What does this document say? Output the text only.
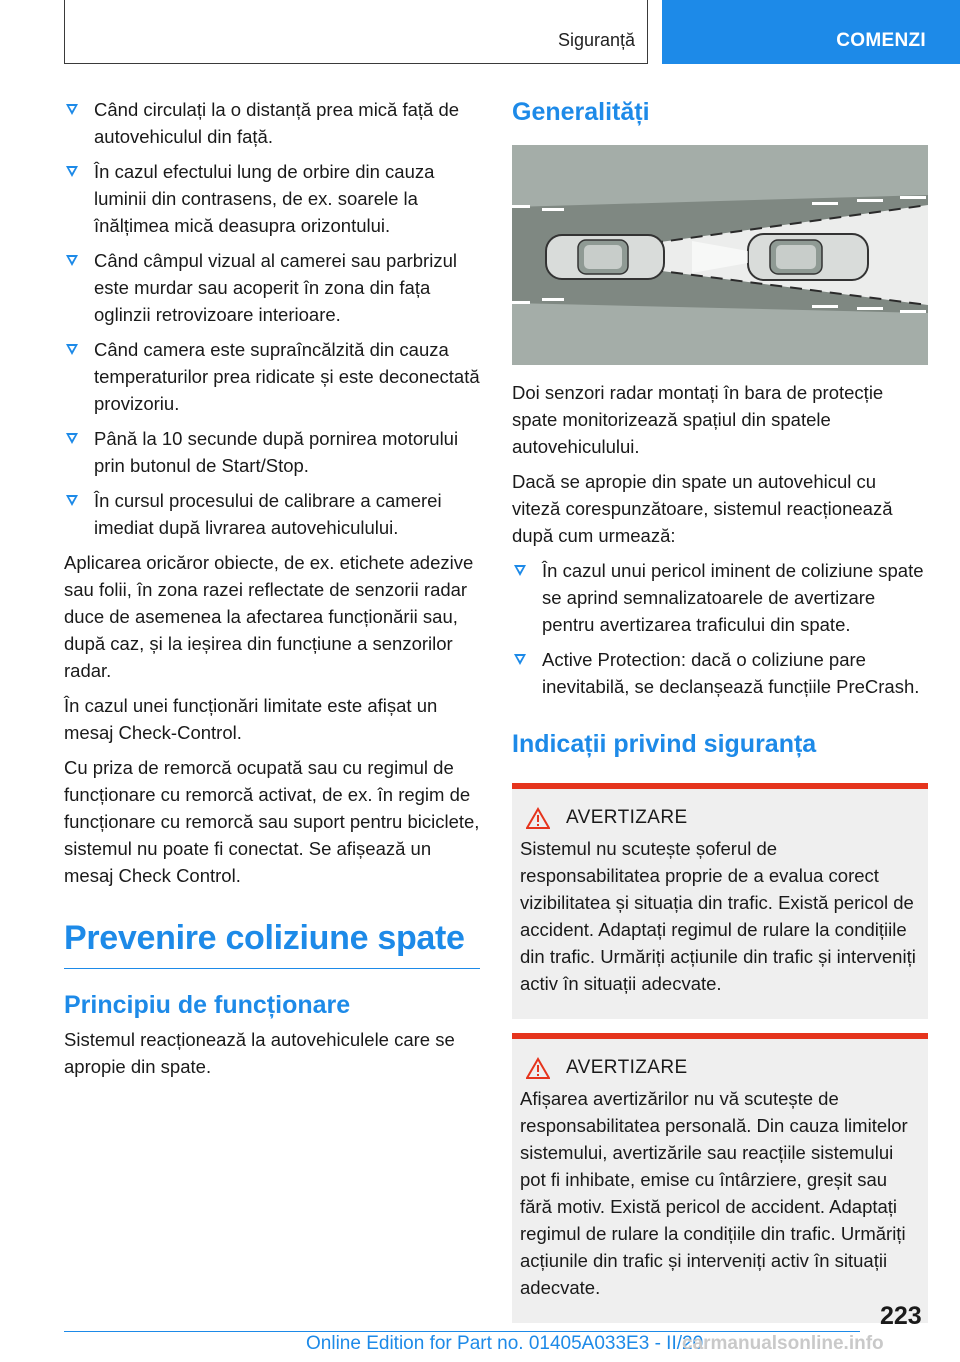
Siguranță	COMENZI
Când circulați la o distanță prea mică față de autovehiculul din față.
În cazul efectului lung de orbire din cauza luminii din contrasens, de ex. soarele la înălțimea mică deasupra orizontului.
Când câmpul vizual al camerei sau parbrizul este murdar sau acoperit în zona din fața oglinzii retrovizoare interioare.
Când camera este supraîncălzită din cauza temperaturilor prea ridicate și este deconectată provizoriu.
Până la 10 secunde după pornirea motorului prin butonul de Start/Stop.
În cursul procesului de calibrare a camerei imediat după livrarea autovehiculului.

Aplicarea oricăror obiecte, de ex. etichete adezive sau folii, în zona razei reflectate de senzorii radar duce de asemenea la afectarea funcționării sau, după caz, și la ieșirea din funcțiune a senzorilor radar.

În cazul unei funcționări limitate este afișat un mesaj Check-Control.

Cu priza de remorcă ocupată sau cu regimul de funcționare cu remorcă activat, de ex. în regim de funcționare cu remorcă sau suport pentru biciclete, sistemul nu poate fi conectat. Se afișează un mesaj Check Control.

Prevenire coliziune spate
Principiu de funcționare

Sistemul reacționează la autovehiculele care se apropie din spate.

Generalități

Doi senzori radar montați în bara de protecție spate monitorizează spațiul din spatele autovehiculului.

Dacă se apropie din spate un autovehicul cu viteză corespunzătoare, sistemul reacționează după cum urmează:

În cazul unui pericol iminent de coliziune spate se aprind semnalizatoarele de avertizare pentru avertizarea traficului din spate.
Active Protection: dacă o coliziune pare inevitabilă, se declanșează funcțiile PreCrash.
Indicații privind siguranța
AVERTIZARE

Sistemul nu scutește șoferul de responsabilitatea proprie de a evalua corect vizibilitatea și situația din trafic. Există pericol de accident. Adaptați regimul de rulare la condițiile din trafic. Urmăriți acțiunile din trafic și interveniți activ în situații adecvate.

AVERTIZARE

Afișarea avertizărilor nu vă scutește de responsabilitatea personală. Din cauza limitelor sistemului, avertizările sau reacțiile sistemului pot fi inhibate, emise cu întârziere, greșit sau fără motiv. Există pericol de accident. Adaptați regimul de rulare la condițiile din trafic. Urmăriți acțiunile din trafic și interveniți activ în situații adecvate.

223
Online Edition for Part no. 01405A033E3 - II/20
carmanualsonline.info
